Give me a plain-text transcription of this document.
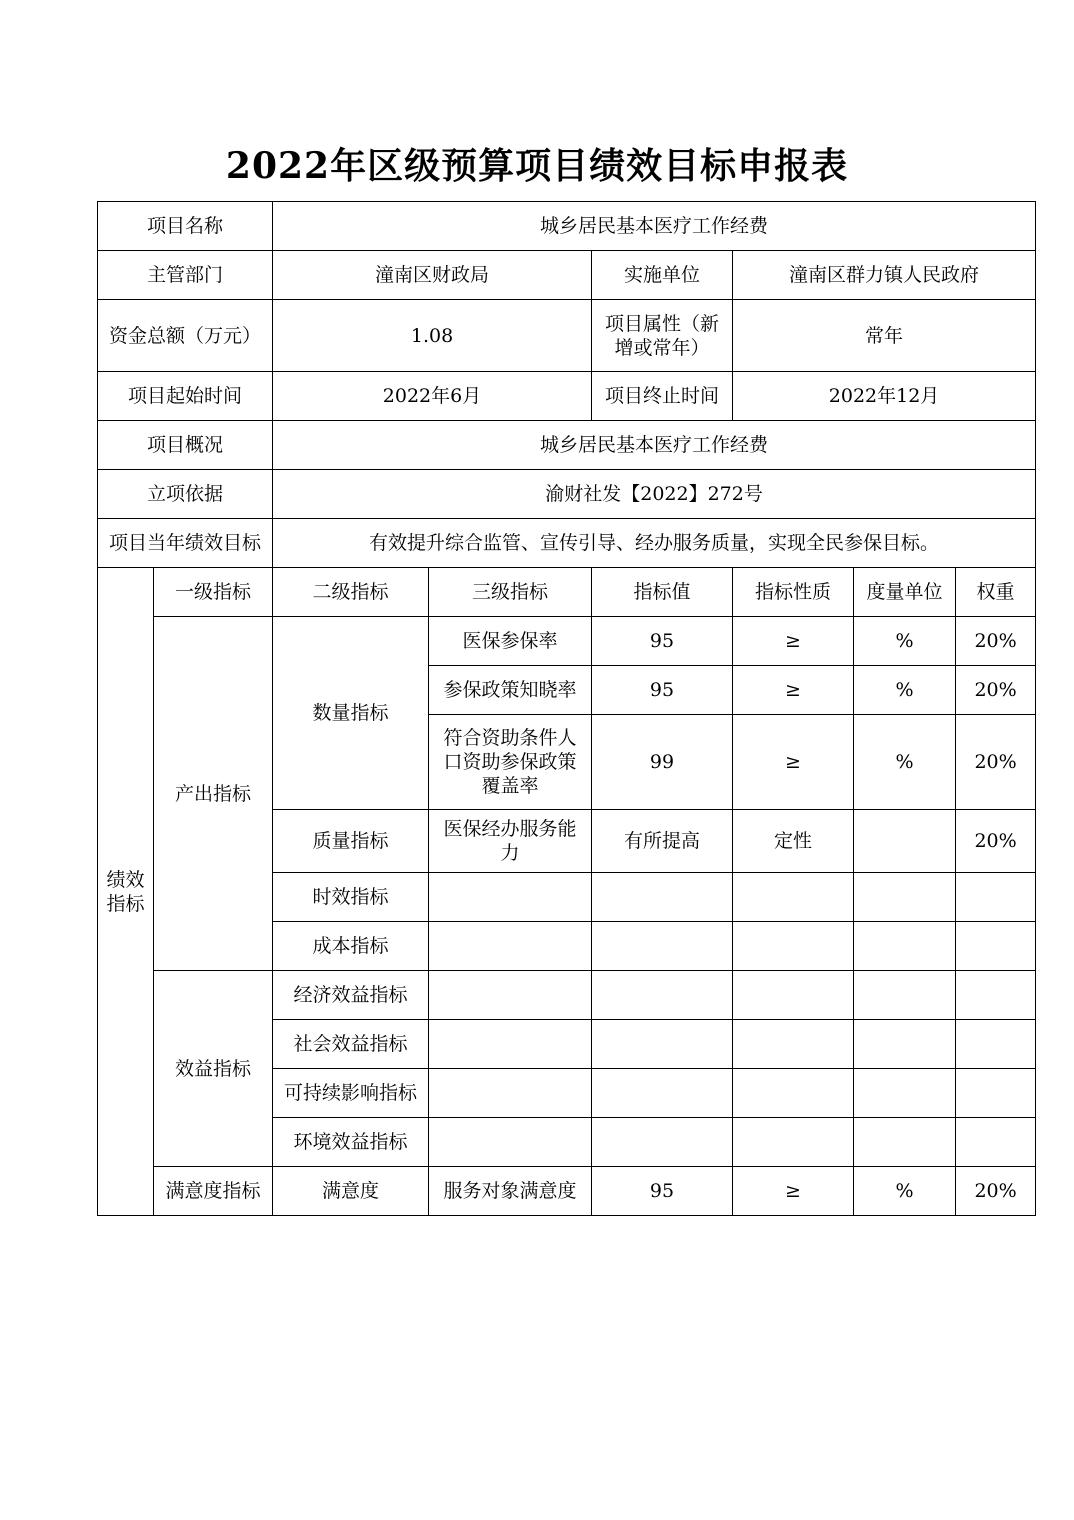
2022年区级预算项目绩效目标申报表
项目名称		城乡居民基本医疗工作经费					
主管部门		潼南区财政局		实施单位	潼南区群力镇人民政府		
资金总额（万元）		1.08		项目属性（新增或常年）	常年		
项目起始时间		2022年6月		项目终止时间	2022年12月		
项目概况		城乡居民基本医疗工作经费					
立项依据		渝财社发【2022】272号					
项目当年绩效目标		有效提升综合监管、宣传引导、经办服务质量，实现全民参保目标。					
绩效指标	一级指标	二级指标	三级指标	指标值	指标性质	度量单位	权重
	产出指标	数量指标	医保参保率	95	≥	%	20%
			参保政策知晓率	95	≥	%	20%
			符合资助条件人口资助参保政策覆盖率	99	≥	%	20%
		质量指标	医保经办服务能力	有所提高	定性		20%
		时效指标					
		成本指标					
	效益指标	经济效益指标					
		社会效益指标					
		可持续影响指标					
		环境效益指标					
	满意度指标	满意度	服务对象满意度	95	≥	%	20%
